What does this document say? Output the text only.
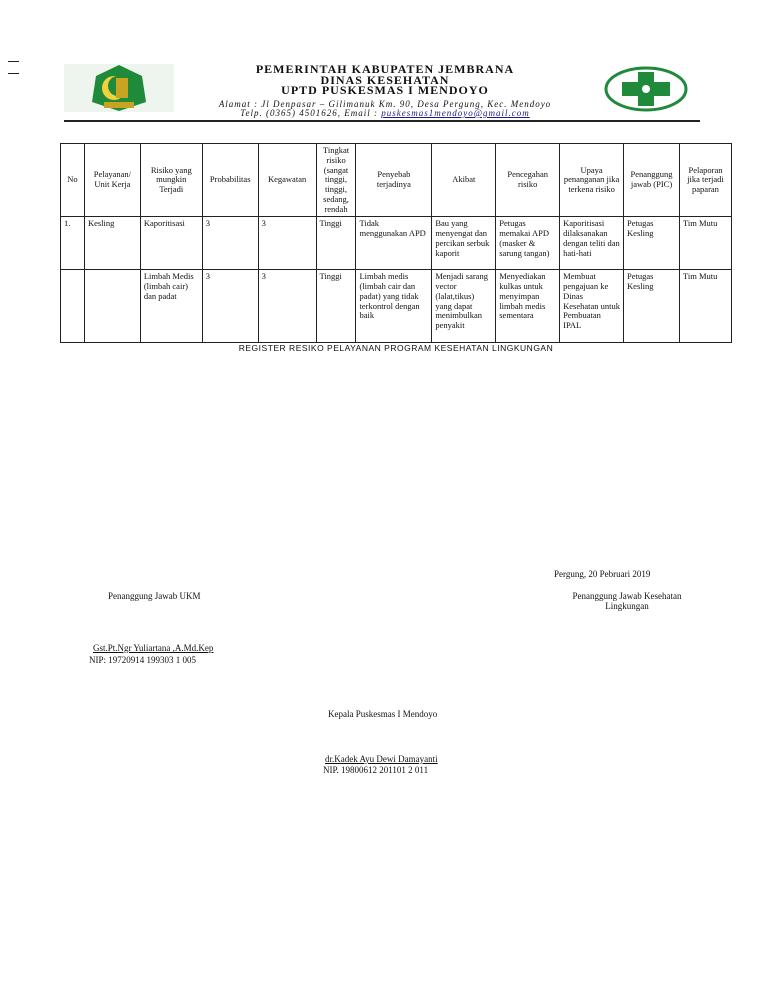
PEMERINTAH KABUPATEN JEMBRANA
DINAS KESEHATAN
UPTD PUSKESMAS I MENDOYO
Alamat : Jl Denpasar – Gilimanuk Km. 90, Desa Pergung, Kec. Mendoyo
Telp. (0365) 4501626, Email : puskesmas1mendoyo@gmail.com
No	Pelayanan/ Unit Kerja	Risiko yang mungkin Terjadi	Probabilitas	Kegawatan	Tingkat risiko (sangat tinggi, tinggi, sedang, rendah	Penyebab terjadinya	Akibat	Pencegahan risiko	Upaya penanganan jika terkena risiko	Penanggung jawab (PIC)	Pelaporan jika terjadi paparan
1.	Kesling	Kaporitisasi	3	3	Tinggi	Tidak menggunakan APD	Bau yang menyengat dan percikan serbuk kaporit	Petugas memakai APD (masker & sarung tangan)	Kaporitisasi dilaksanakan dengan teliti dan hati-hati	Petugas Kesling	Tim Mutu
		Limbah Medis (limbah cair) dan padat	3	3	Tinggi	Limbah medis (limbah cair dan padat) yang tidak terkontrol dengan baik	Menjadi sarang vector (lalat,tikus) yang dapat menimbulkan penyakit	Menyediakan kulkas untuk menyimpan limbah medis sementara	Membuat pengajuan ke Dinas Kesehatan untuk Pembuatan IPAL	Petugas Kesling	Tim Mutu
REGISTER RESIKO PELAYANAN PROGRAM KESEHATAN LINGKUNGAN
Pergung, 20 Pebruari 2019
Penanggung Jawab UKM	Penanggung Jawab Kesehatan
Lingkungan
Gst.Pt.Ngr Yuliartana ,A.Md.Kep
NIP: 19720914 199303 1 005
Kepala Puskesmas I Mendoyo
dr.Kadek Ayu Dewi Damayanti
NIP. 19800612 201101 2 011
